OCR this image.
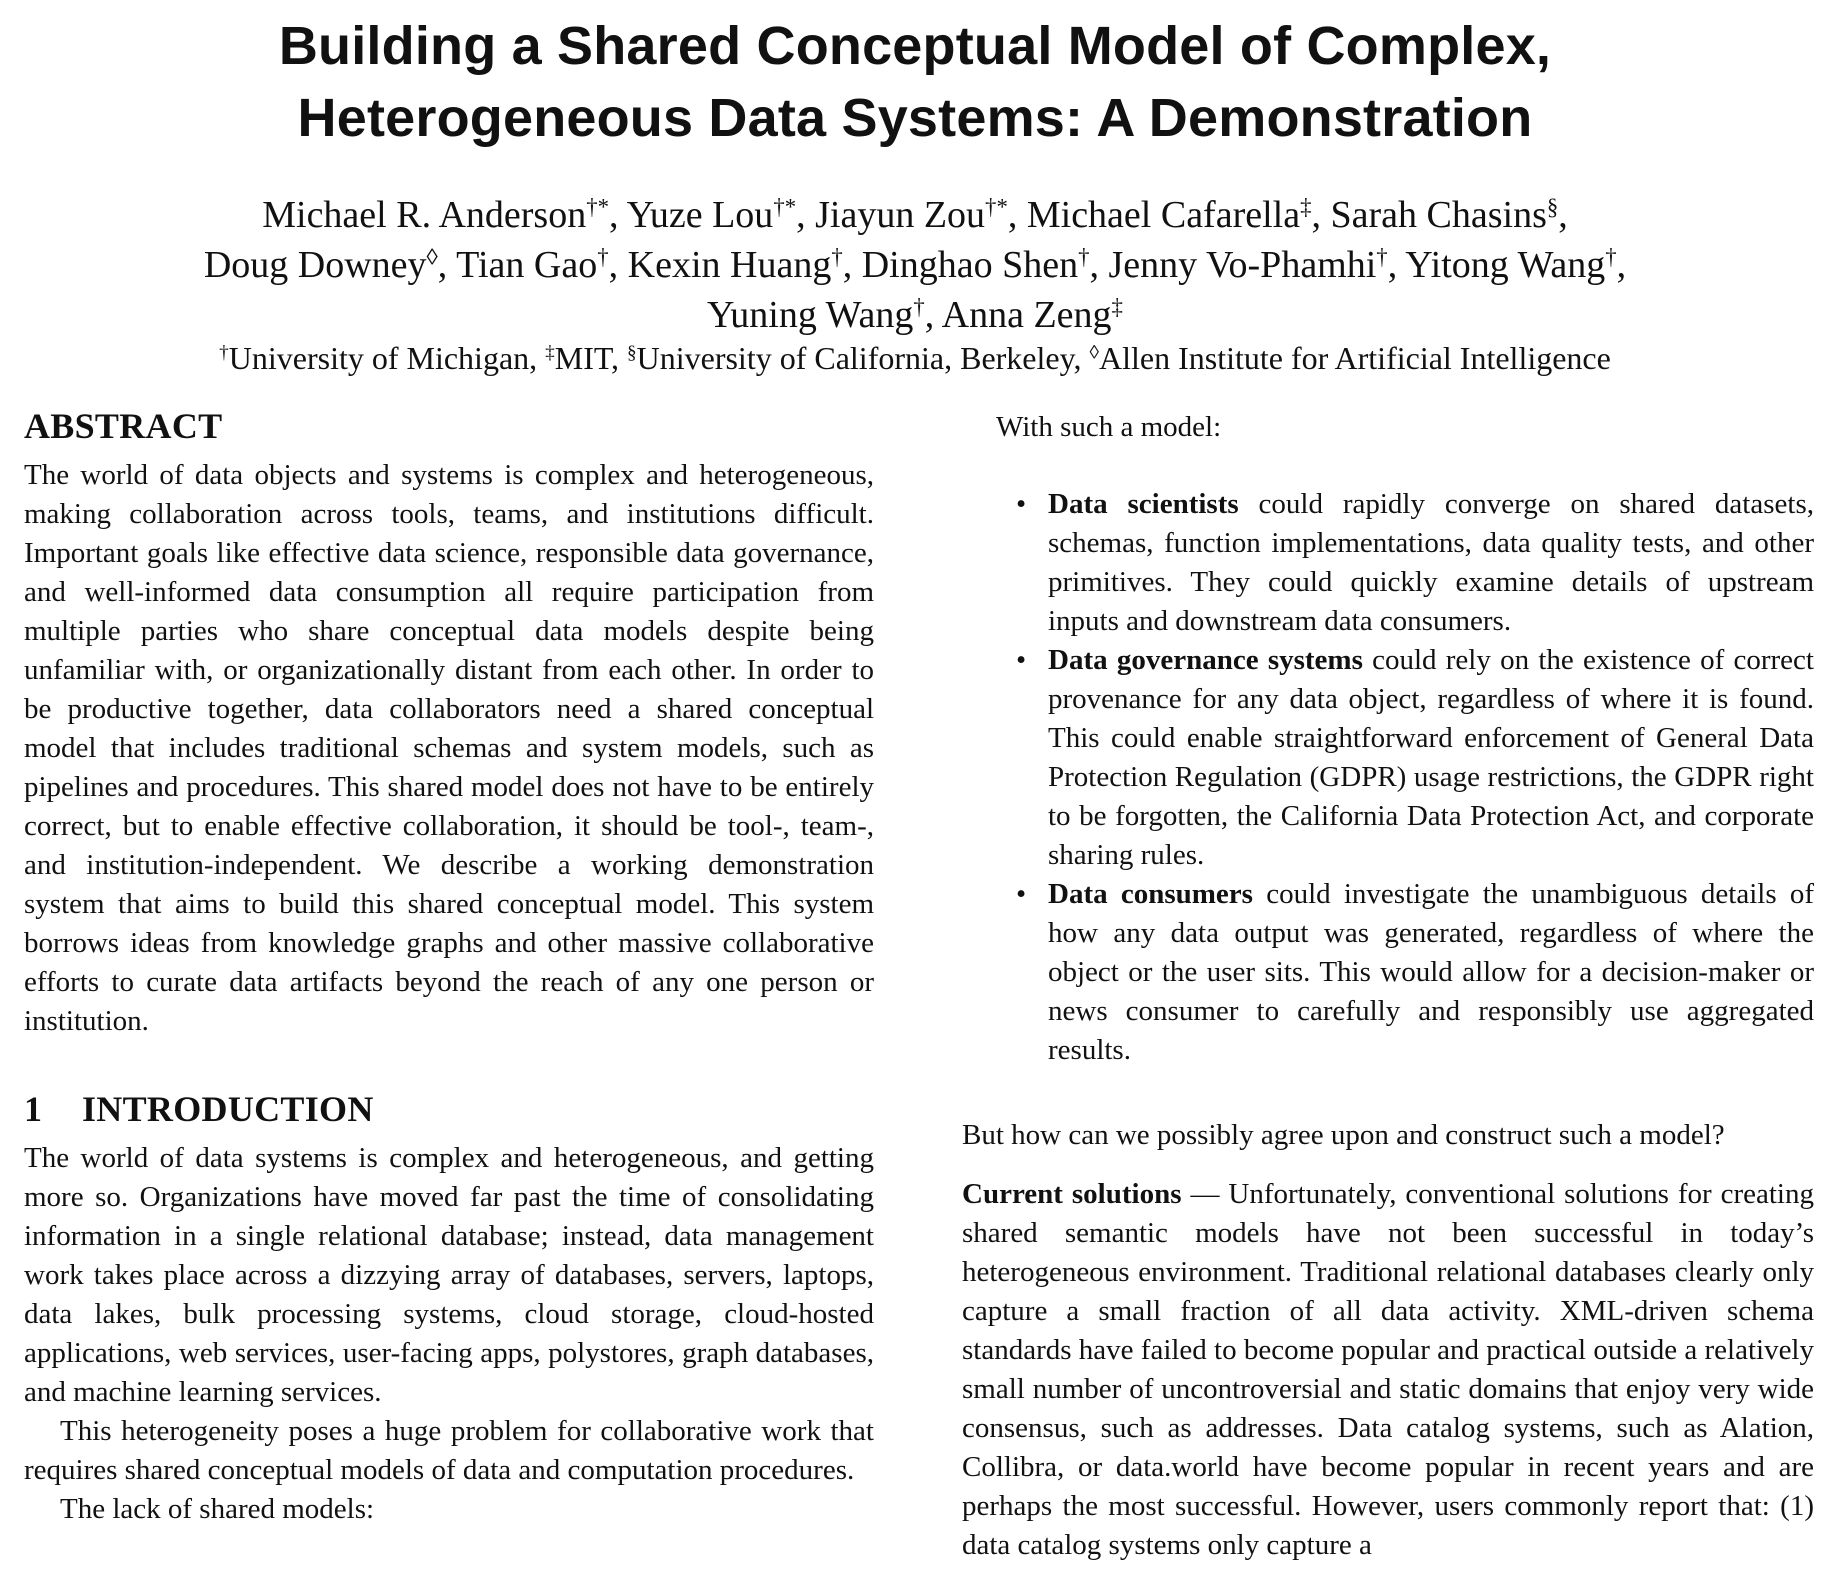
Building a Shared Conceptual Model of Complex,
Heterogeneous Data Systems: A Demonstration
Michael R. Anderson†*, Yuze Lou†*, Jiayun Zou†*, Michael Cafarella‡, Sarah Chasins§,
Doug Downey◊, Tian Gao†, Kexin Huang†, Dinghao Shen†, Jenny Vo-Phamhi†, Yitong Wang†,
Yuning Wang†, Anna Zeng‡
†University of Michigan, ‡MIT, §University of California, Berkeley, ◊Allen Institute for Artificial Intelligence
ABSTRACT

The world of data objects and systems is complex and heterogeneous, making collaboration across tools, teams, and institutions difficult. Important goals like effective data science, responsible data governance, and well-informed data consumption all require participation from multiple parties who share conceptual data models despite being unfamiliar with, or organizationally distant from each other. In order to be productive together, data collaborators need a shared conceptual model that includes traditional schemas and system models, such as pipelines and procedures. This shared model does not have to be entirely correct, but to enable effective collaboration, it should be tool-, team-, and institution-independent. We describe a working demonstration system that aims to build this shared conceptual model. This system borrows ideas from knowledge graphs and other massive collaborative efforts to curate data artifacts beyond the reach of any one person or institution.

1 INTRODUCTION

The world of data systems is complex and heterogeneous, and getting more so. Organizations have moved far past the time of consolidating information in a single relational database; instead, data management work takes place across a dizzying array of databases, servers, laptops, data lakes, bulk processing systems, cloud storage, cloud-hosted applications, web services, user-facing apps, polystores, graph databases, and machine learning services.

This heterogeneity poses a huge problem for collaborative work that requires shared conceptual models of data and computation procedures.

The lack of shared models:

With such a model:

• Data scientists could rapidly converge on shared datasets, schemas, function implementations, data quality tests, and other primitives. They could quickly examine details of upstream inputs and downstream data consumers.
• Data governance systems could rely on the existence of correct provenance for any data object, regardless of where it is found. This could enable straightforward enforcement of General Data Protection Regulation (GDPR) usage restrictions, the GDPR right to be forgotten, the California Data Protection Act, and corporate sharing rules.
• Data consumers could investigate the unambiguous details of how any data output was generated, regardless of where the object or the user sits. This would allow for a decision-maker or news consumer to carefully and responsibly use aggregated results.

But how can we possibly agree upon and construct such a model?

Current solutions — Unfortunately, conventional solutions for creating shared semantic models have not been successful in today’s heterogeneous environment. Traditional relational databases clearly only capture a small fraction of all data activity. XML-driven schema standards have failed to become popular and practical outside a relatively small number of uncontroversial and static domains that enjoy very wide consensus, such as addresses. Data catalog systems, such as Alation, Collibra, or data.world have become popular in recent years and are perhaps the most successful. However, users commonly report that: (1) data catalog systems only capture a
